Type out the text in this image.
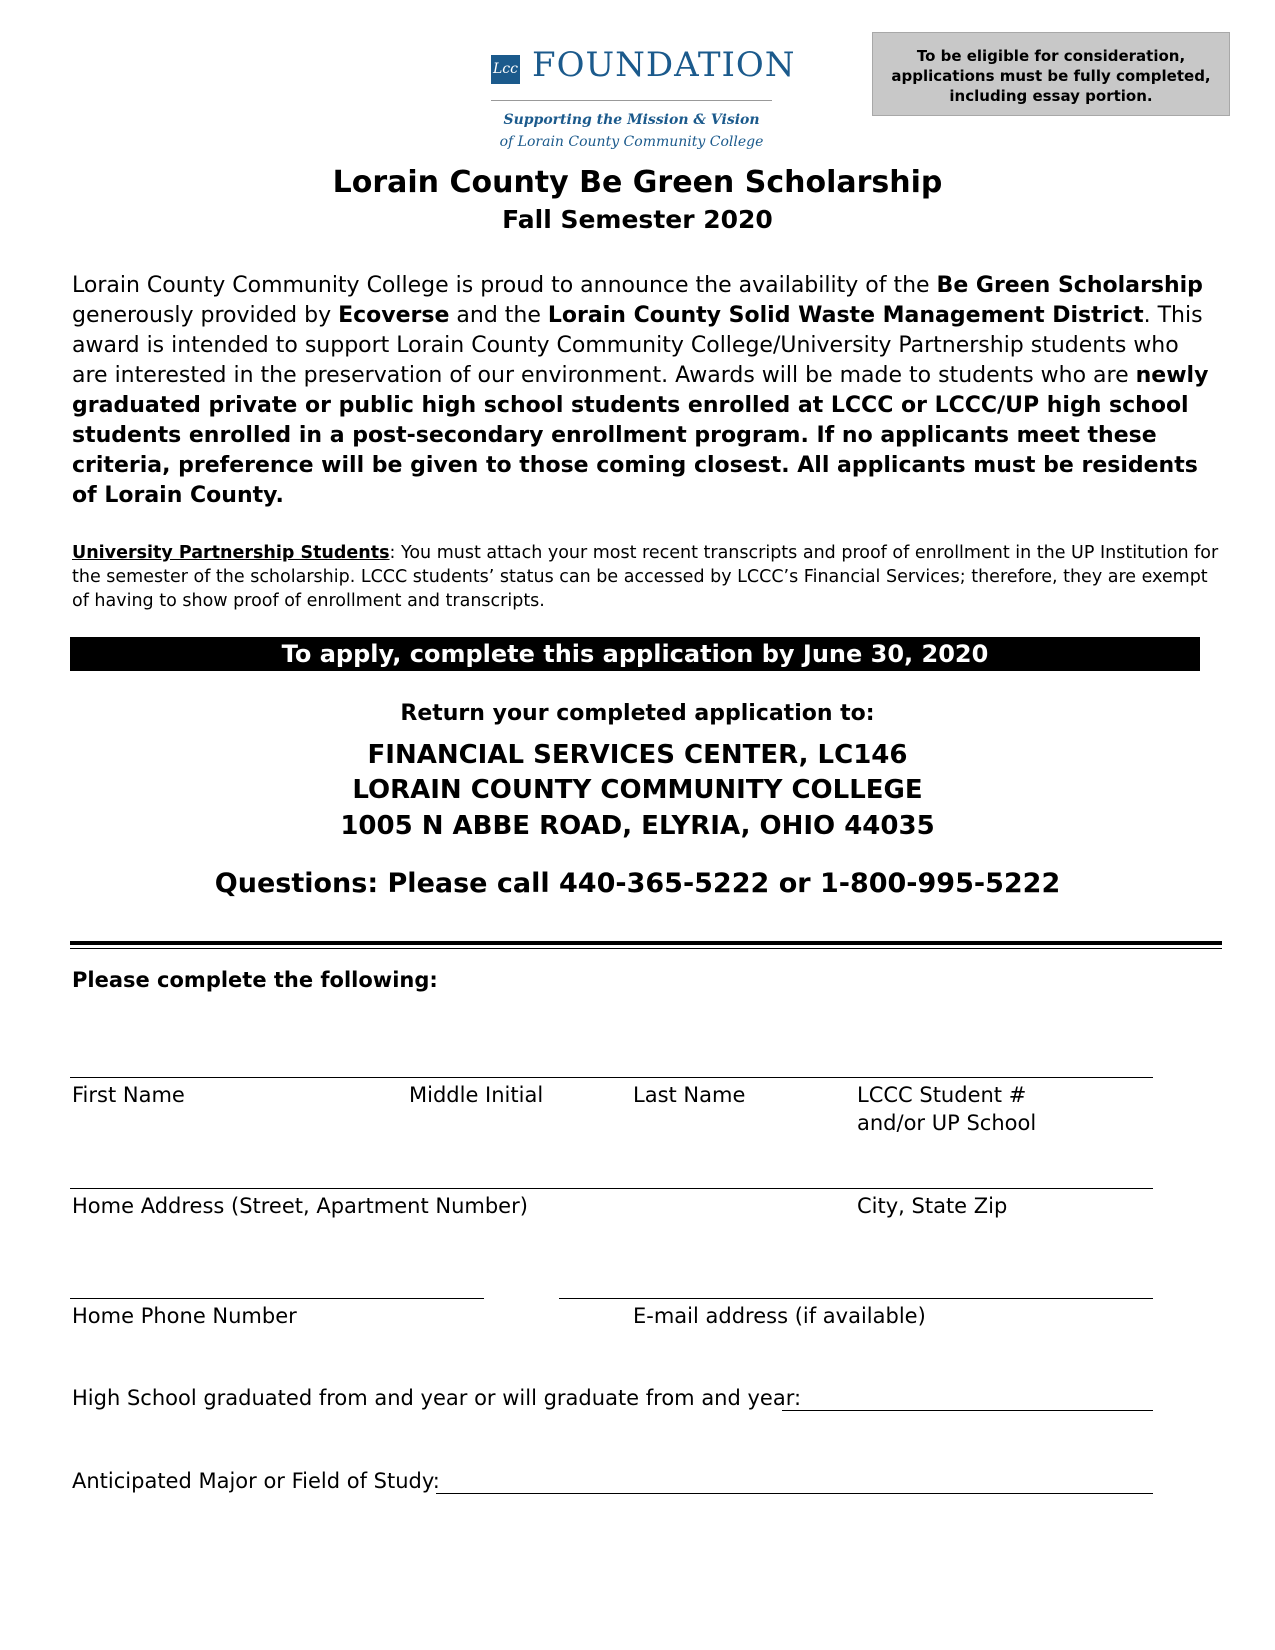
To be eligible for consideration,
applications must be fully completed,
including essay portion.
Lcc FOUNDATION
Supporting the Mission & Vision
of Lorain County Community College
Lorain County Be Green Scholarship
Fall Semester 2020

Lorain County Community College is proud to announce the availability of the Be Green Scholarship generously provided by Ecoverse and the Lorain County Solid Waste Management District. This award is intended to support Lorain County Community College/University Partnership students who are interested in the preservation of our environment. Awards will be made to students who are newly graduated private or public high school students enrolled at LCCC or LCCC/UP high school students enrolled in a post-secondary enrollment program. If no applicants meet these criteria, preference will be given to those coming closest. All applicants must be residents of Lorain County.

University Partnership Students: You must attach your most recent transcripts and proof of enrollment in the UP Institution for the semester of the scholarship. LCCC students’ status can be accessed by LCCC’s Financial Services; therefore, they are exempt of having to show proof of enrollment and transcripts.
To apply, complete this application by June 30, 2020
Return your completed application to:
FINANCIAL SERVICES CENTER, LC146
LORAIN COUNTY COMMUNITY COLLEGE
1005 N ABBE ROAD, ELYRIA, OHIO 44035
Questions: Please call 440-365-5222 or 1-800-995-5222
Please complete the following:
First Name	Middle Initial	Last Name	LCCC Student #
and/or UP School
Home Address (Street, Apartment Number)	City, State Zip
Home Phone Number	E-mail address (if available)
High School graduated from and year or will graduate from and year:
Anticipated Major or Field of Study:
